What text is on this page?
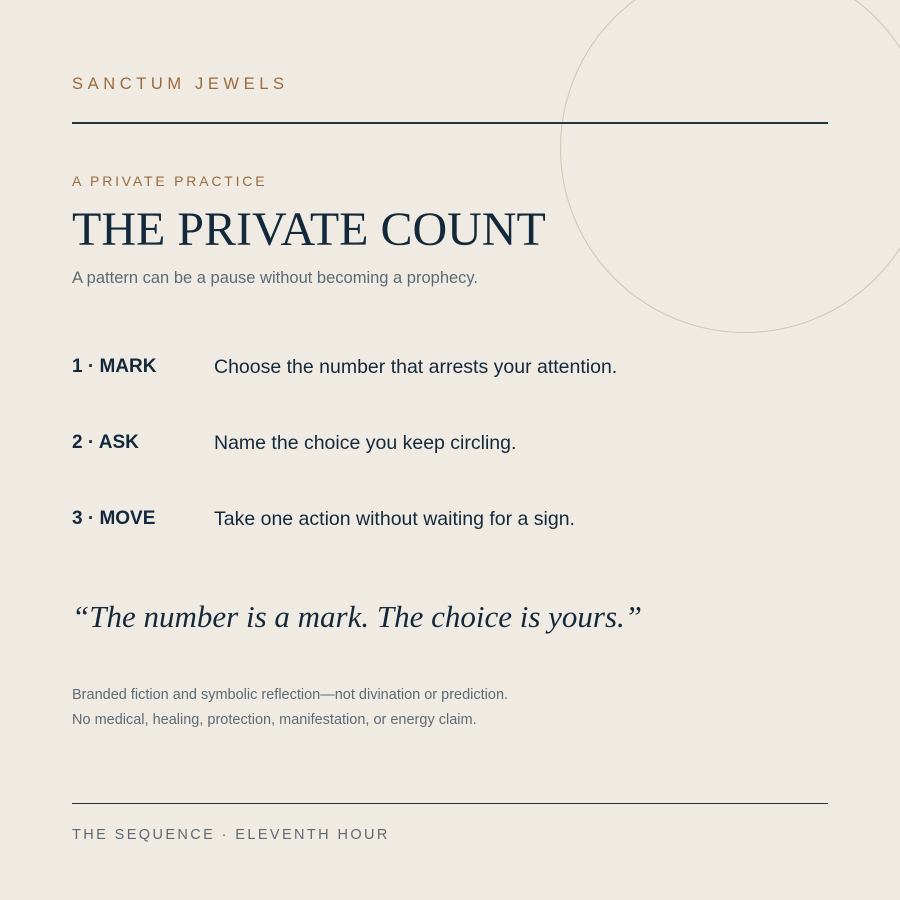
SANCTUM JEWELS
A PRIVATE PRACTICE
THE PRIVATE COUNT
A pattern can be a pause without becoming a prophecy.
1 · MARK	Choose the number that arrests your attention.
2 · ASK	Name the choice you keep circling.
3 · MOVE	Take one action without waiting for a sign.
“The number is a mark. The choice is yours.”
Branded fiction and symbolic reflection—not divination or prediction.
No medical, healing, protection, manifestation, or energy claim.
THE SEQUENCE · ELEVENTH HOUR
